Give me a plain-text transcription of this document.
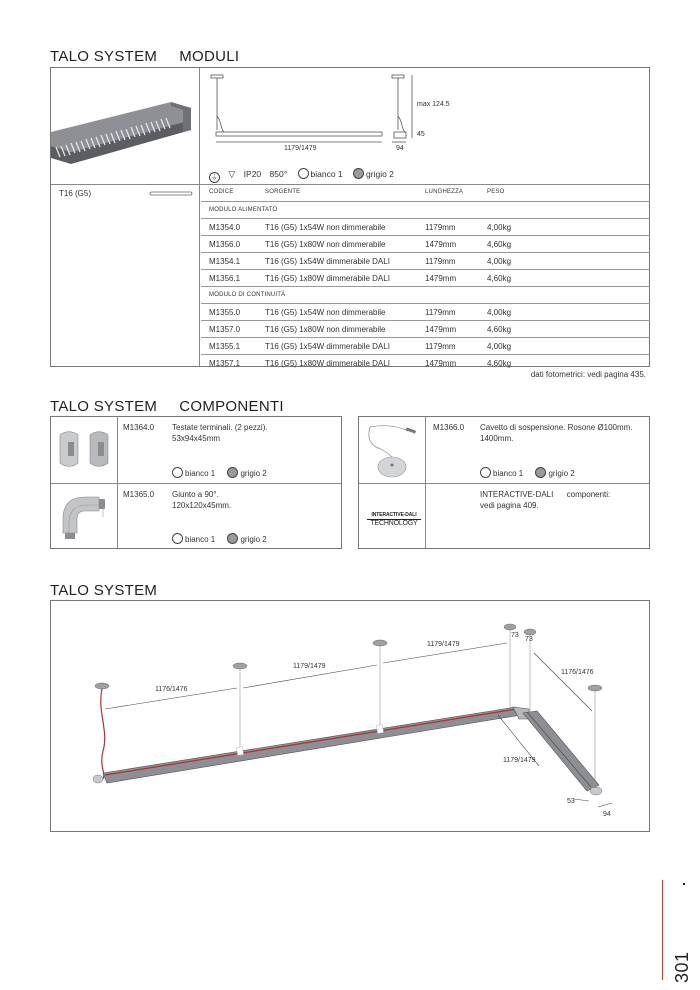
TALO SYSTEM MODULI
1179/1479	94
45
max 124.5
⏚ ▽ IP20 850°	bianco 1	grigio 2
T16 (G5)	CODICE	SORGENTE	LUNGHEZZA	PESO
MODULO ALIMENTATO
M1354.0	T16 (G5) 1x54W non dimmerabile	1179mm	4,00kg
M1356.0	T16 (G5) 1x80W non dimmerabile	1479mm	4,60kg
M1354.1	T16 (G5) 1x54W dimmerabile DALI	1179mm	4,00kg
M1356.1	T16 (G5) 1x80W dimmerabile DALI	1479mm	4,60kg
MODULO DI CONTINUITÀ
M1355.0	T16 (G5) 1x54W non dimmerabile	1179mm	4,00kg
M1357.0	T16 (G5) 1x80W non dimmerabile	1479mm	4,60kg
M1355.1	T16 (G5) 1x54W dimmerabile DALI	1179mm	4,00kg
M1357.1	T16 (G5) 1x80W dimmerabile DALI	1479mm	4,60kg
dati fotometrici: vedi pagina 435.
TALO SYSTEM COMPONENTI
M1364.0 Testate terminali. (2 pezzi).
53x94x45mm
bianco 1	grigio 2
M1365.0 Giunto a 90°.
120x120x45mm.
bianco 1	grigio 2
INTERACTIVE-DALI
TECHNOLOGY
M1366.0 Cavetto di sospensione. Rosone Ø100mm.
1400mm.
bianco 1	grigio 2
INTERACTIVE-DALI      componenti:
vedi pagina 409.
TALO SYSTEM
1176/1476
1179/1479
1179/1479
73
73
1176/1476
1179/1479
53
94
301
